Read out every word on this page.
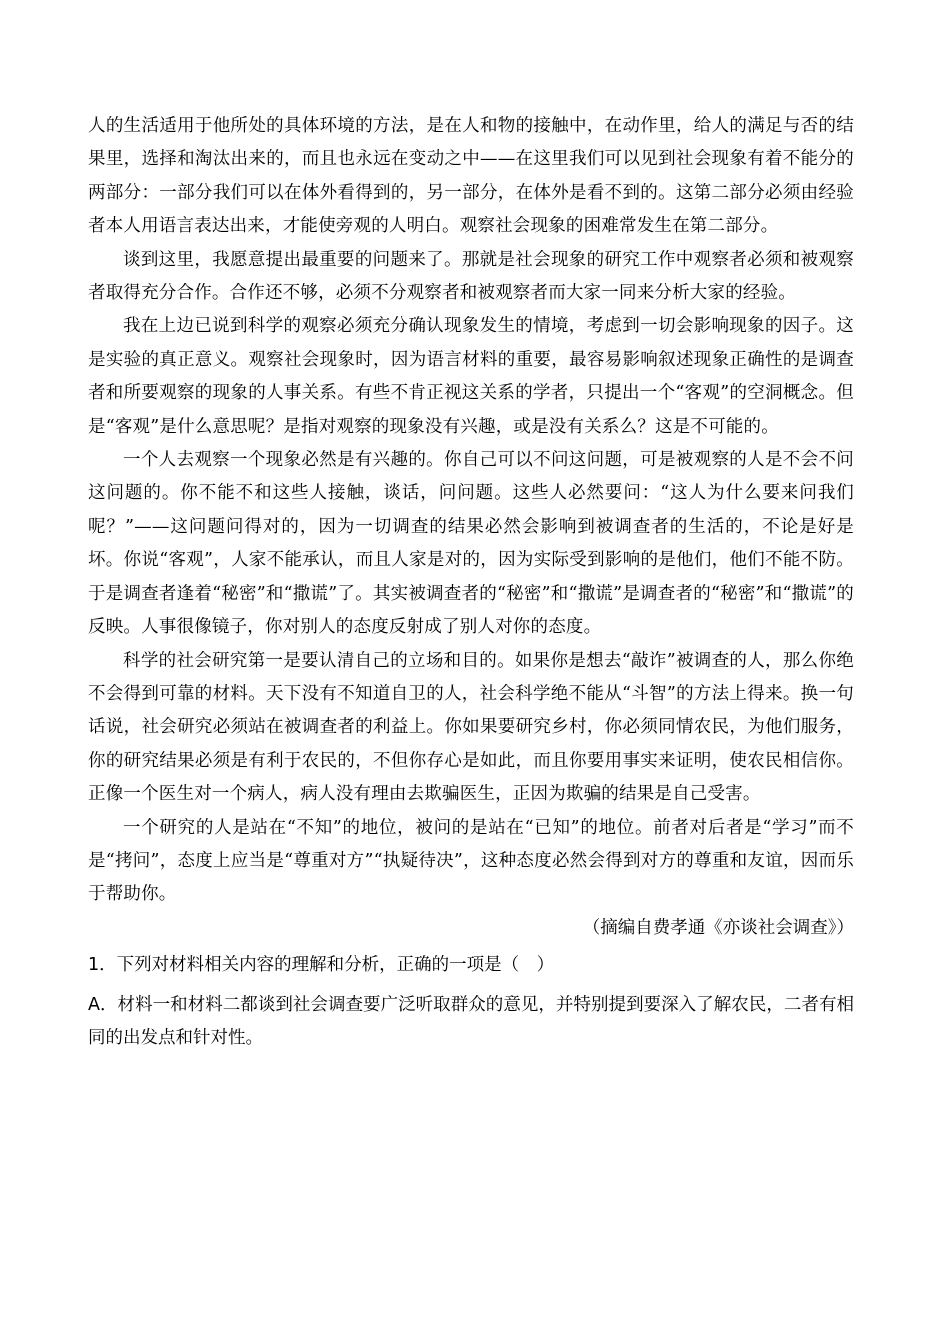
人的生活适用于他所处的具体环境的方法，是在人和物的接触中，在动作里，给人的满足与否的结果里，选择和淘汰出来的，而且也永远在变动之中——在这里我们可以见到社会现象有着不能分的两部分：一部分我们可以在体外看得到的，另一部分，在体外是看不到的。这第二部分必须由经验者本人用语言表达出来，才能使旁观的人明白。观察社会现象的困难常发生在第二部分。

谈到这里，我愿意提出最重要的问题来了。那就是社会现象的研究工作中观察者必须和被观察者取得充分合作。合作还不够，必须不分观察者和被观察者而大家一同来分析大家的经验。

我在上边已说到科学的观察必须充分确认现象发生的情境，考虑到一切会影响现象的因子。这是实验的真正意义。观察社会现象时，因为语言材料的重要，最容易影响叙述现象正确性的是调查者和所要观察的现象的人事关系。有些不肯正视这关系的学者，只提出一个“客观”的空洞概念。但是“客观”是什么意思呢？是指对观察的现象没有兴趣，或是没有关系么？这是不可能的。

一个人去观察一个现象必然是有兴趣的。你自己可以不问这问题，可是被观察的人是不会不问这问题的。你不能不和这些人接触，谈话，问问题。这些人必然要问：“这人为什么要来问我们呢？”——这问题问得对的，因为一切调查的结果必然会影响到被调查者的生活的，不论是好是坏。你说“客观”，人家不能承认，而且人家是对的，因为实际受到影响的是他们，他们不能不防。于是调查者逢着“秘密”和“撒谎”了。其实被调查者的“秘密”和“撒谎”是调查者的“秘密”和“撒谎”的反映。人事很像镜子，你对别人的态度反射成了别人对你的态度。

科学的社会研究第一是要认清自己的立场和目的。如果你是想去“敲诈”被调查的人，那么你绝不会得到可靠的材料。天下没有不知道自卫的人，社会科学绝不能从“斗智”的方法上得来。换一句话说，社会研究必须站在被调查者的利益上。你如果要研究乡村，你必须同情农民，为他们服务，你的研究结果必须是有利于农民的，不但你存心是如此，而且你要用事实来证明，使农民相信你。正像一个医生对一个病人，病人没有理由去欺骗医生，正因为欺骗的结果是自己受害。

一个研究的人是站在“不知”的地位，被问的是站在“已知”的地位。前者对后者是“学习”而不是“拷问”，态度上应当是“尊重对方”“执疑待决”，这种态度必然会得到对方的尊重和友谊，因而乐于帮助你。

（摘编自费孝通《亦谈社会调查》）

1．下列对材料相关内容的理解和分析，正确的一项是（　）

A．材料一和材料二都谈到社会调查要广泛听取群众的意见，并特别提到要深入了解农民，二者有相同的出发点和针对性。
